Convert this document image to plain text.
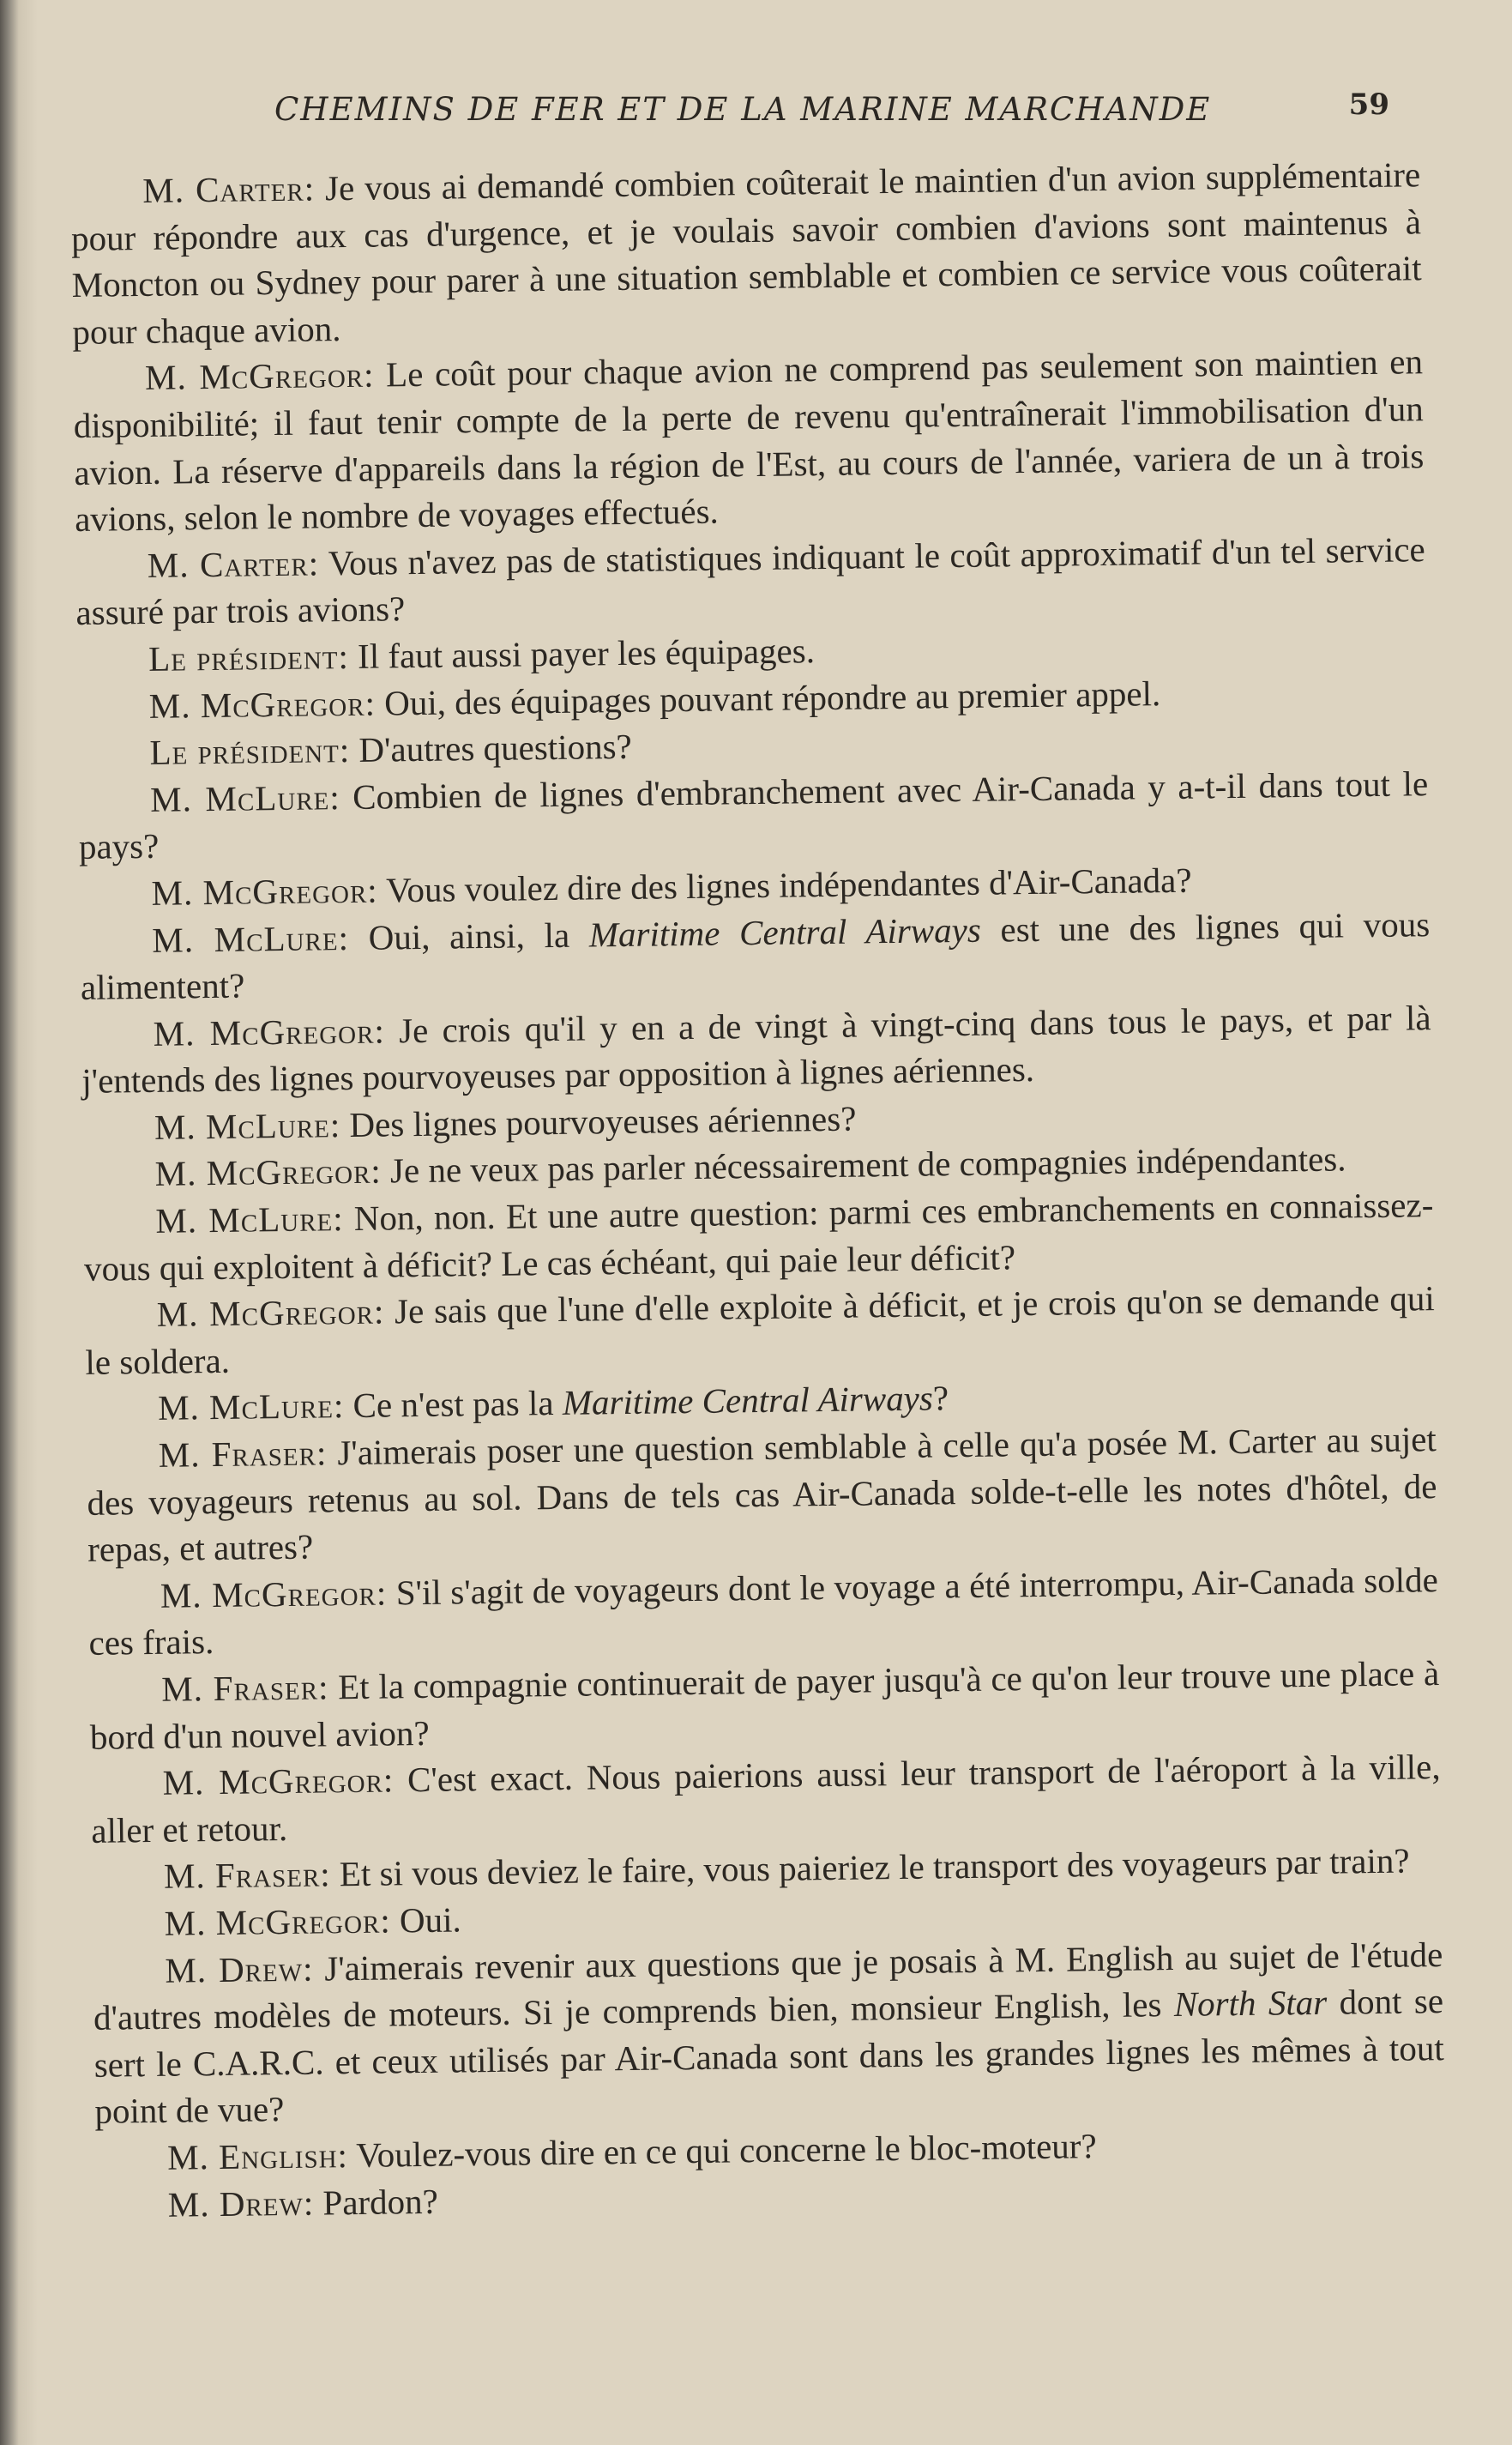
CHEMINS DE FER ET DE LA MARINE MARCHANDE	59

M. Carter: Je vous ai demandé combien coûterait le maintien d'un avion supplémentaire pour répondre aux cas d'urgence, et je voulais savoir combien d'avions sont maintenus à Moncton ou Sydney pour parer à une situation semblable et combien ce service vous coûterait pour chaque avion.

M. McGregor: Le coût pour chaque avion ne comprend pas seulement son maintien en disponibilité; il faut tenir compte de la perte de revenu qu'entraînerait l'immobilisation d'un avion. La réserve d'appareils dans la région de l'Est, au cours de l'année, variera de un à trois avions, selon le nombre de voyages effectués.

M. Carter: Vous n'avez pas de statistiques indiquant le coût approximatif d'un tel service assuré par trois avions?

Le président: Il faut aussi payer les équipages.

M. McGregor: Oui, des équipages pouvant répondre au premier appel.

Le président: D'autres questions?

M. McLure: Combien de lignes d'embranchement avec Air-Canada y a-t-il dans tout le pays?

M. McGregor: Vous voulez dire des lignes indépendantes d'Air-Canada?

M. McLure: Oui, ainsi, la Maritime Central Airways est une des lignes qui vous alimentent?

M. McGregor: Je crois qu'il y en a de vingt à vingt-cinq dans tous le pays, et par là j'entends des lignes pourvoyeuses par opposition à lignes aériennes.

M. McLure: Des lignes pourvoyeuses aériennes?

M. McGregor: Je ne veux pas parler nécessairement de compagnies indépendantes.

M. McLure: Non, non. Et une autre question: parmi ces embranchements en connaissez-vous qui exploitent à déficit? Le cas échéant, qui paie leur déficit?

M. McGregor: Je sais que l'une d'elle exploite à déficit, et je crois qu'on se demande qui le soldera.

M. McLure: Ce n'est pas la Maritime Central Airways?

M. Fraser: J'aimerais poser une question semblable à celle qu'a posée M. Carter au sujet des voyageurs retenus au sol. Dans de tels cas Air-Canada solde-t-elle les notes d'hôtel, de repas, et autres?

M. McGregor: S'il s'agit de voyageurs dont le voyage a été interrompu, Air-Canada solde ces frais.

M. Fraser: Et la compagnie continuerait de payer jusqu'à ce qu'on leur trouve une place à bord d'un nouvel avion?

M. McGregor: C'est exact. Nous paierions aussi leur transport de l'aéroport à la ville, aller et retour.

M. Fraser: Et si vous deviez le faire, vous paieriez le transport des voyageurs par train?

M. McGregor: Oui.

M. Drew: J'aimerais revenir aux questions que je posais à M. English au sujet de l'étude d'autres modèles de moteurs. Si je comprends bien, monsieur English, les North Star dont se sert le C.A.R.C. et ceux utilisés par Air-Canada sont dans les grandes lignes les mêmes à tout point de vue?

M. English: Voulez-vous dire en ce qui concerne le bloc-moteur?

M. Drew: Pardon?
